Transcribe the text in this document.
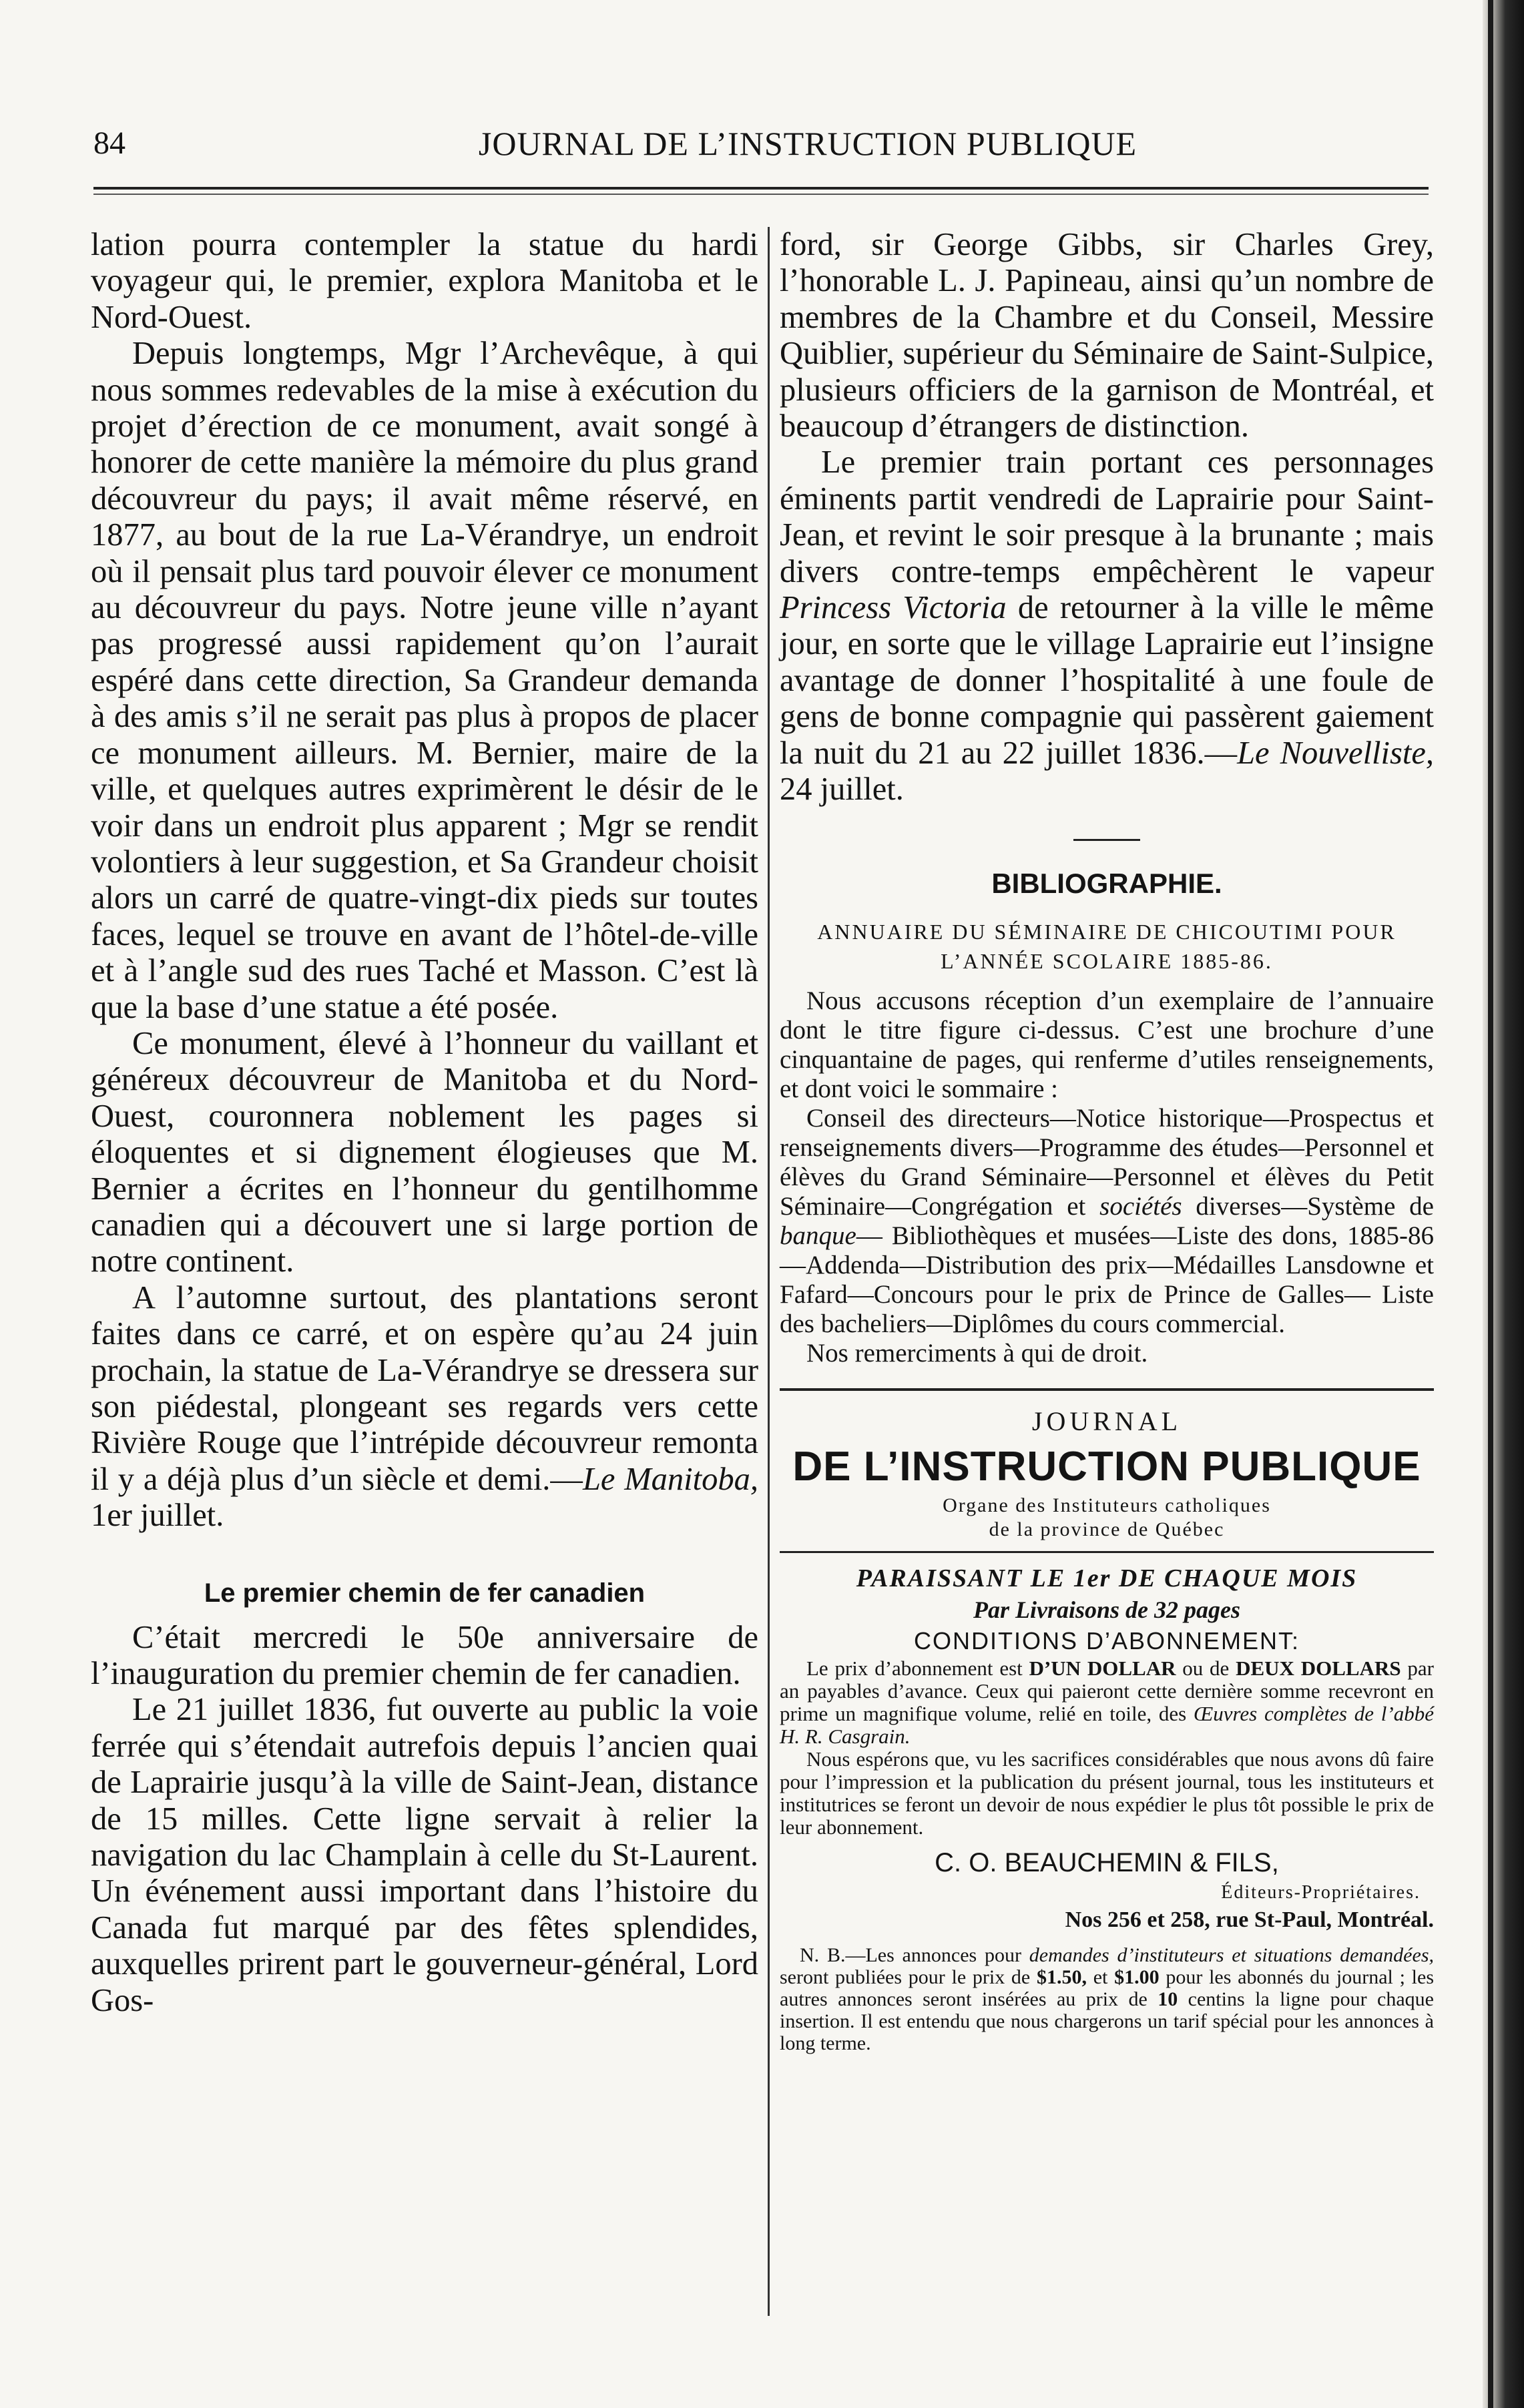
84	JOURNAL DE L’INSTRUCTION PUBLIQUE

lation pourra contempler la statue du hardi voyageur qui, le premier, explora Manitoba et le Nord-Ouest.

Depuis longtemps, Mgr l’Archevêque, à qui nous sommes redevables de la mise à exécution du projet d’érection de ce monument, avait songé à honorer de cette manière la mémoire du plus grand découvreur du pays; il avait même réservé, en 1877, au bout de la rue La-Vérandrye, un endroit où il pensait plus tard pouvoir élever ce monument au découvreur du pays. Notre jeune ville n’ayant pas progressé aussi rapidement qu’on l’aurait espéré dans cette direction, Sa Grandeur demanda à des amis s’il ne serait pas plus à propos de placer ce monument ailleurs. M. Bernier, maire de la ville, et quelques autres exprimèrent le désir de le voir dans un endroit plus apparent ; Mgr se rendit volontiers à leur suggestion, et Sa Grandeur choisit alors un carré de quatre-vingt-dix pieds sur toutes faces, lequel se trouve en avant de l’hôtel-de-ville et à l’angle sud des rues Taché et Masson. C’est là que la base d’une statue a été posée.

Ce monument, élevé à l’honneur du vaillant et généreux découvreur de Manitoba et du Nord-Ouest, couronnera noblement les pages si éloquentes et si dignement élogieuses que M. Bernier a écrites en l’honneur du gentilhomme canadien qui a découvert une si large portion de notre continent.

A l’automne surtout, des plantations seront faites dans ce carré, et on espère qu’au 24 juin prochain, la statue de La-Vérandrye se dressera sur son piédestal, plongeant ses regards vers cette Rivière Rouge que l’intrépide découvreur remonta il y a déjà plus d’un siècle et demi.—Le Manitoba, 1er juillet.

Le premier chemin de fer canadien

C’était mercredi le 50e anniversaire de l’inauguration du premier chemin de fer canadien.

Le 21 juillet 1836, fut ouverte au public la voie ferrée qui s’étendait autrefois depuis l’ancien quai de Laprairie jusqu’à la ville de Saint-Jean, distance de 15 milles. Cette ligne servait à relier la navigation du lac Champlain à celle du St-Laurent. Un événement aussi important dans l’histoire du Canada fut marqué par des fêtes splendides, auxquelles prirent part le gouverneur-général, Lord Gos-

ford, sir George Gibbs, sir Charles Grey, l’honorable L. J. Papineau, ainsi qu’un nombre de membres de la Chambre et du Conseil, Messire Quiblier, supérieur du Séminaire de Saint-Sulpice, plusieurs officiers de la garnison de Montréal, et beaucoup d’étrangers de distinction.

Le premier train portant ces personnages éminents partit vendredi de Laprairie pour Saint-Jean, et revint le soir presque à la brunante ; mais divers contre-temps empêchèrent le vapeur Princess Victoria de retourner à la ville le même jour, en sorte que le village Laprairie eut l’insigne avantage de donner l’hospitalité à une foule de gens de bonne compagnie qui passèrent gaiement la nuit du 21 au 22 juillet 1836.—Le Nouvelliste, 24 juillet.

BIBLIOGRAPHIE.

ANNUAIRE DU SÉMINAIRE DE CHICOUTIMI POUR L’ANNÉE SCOLAIRE 1885-86.

Nous accusons réception d’un exemplaire de l’annuaire dont le titre figure ci-dessus. C’est une brochure d’une cinquantaine de pages, qui renferme d’utiles renseignements, et dont voici le sommaire :

Conseil des directeurs—Notice historique—Prospectus et renseignements divers—Programme des études—Personnel et élèves du Grand Séminaire—Personnel et élèves du Petit Séminaire—Congrégation et sociétés diverses—Système de banque— Bibliothèques et musées—Liste des dons, 1885-86—Addenda—Distribution des prix—Médailles Lansdowne et Fafard—Concours pour le prix de Prince de Galles— Liste des bacheliers—Diplômes du cours commercial.

Nos remerciments à qui de droit.

JOURNAL

DE L’INSTRUCTION PUBLIQUE

Organe des Instituteurs catholiques

de la province de Québec

PARAISSANT LE 1er DE CHAQUE MOIS

Par Livraisons de 32 pages

CONDITIONS D’ABONNEMENT:

Le prix d’abonnement est D’UN DOLLAR ou de DEUX DOLLARS par an payables d’avance. Ceux qui paieront cette dernière somme recevront en prime un magnifique volume, relié en toile, des Œuvres complètes de l’abbé H. R. Casgrain.

Nous espérons que, vu les sacrifices considérables que nous avons dû faire pour l’impression et la publication du présent journal, tous les instituteurs et institutrices se feront un devoir de nous expédier le plus tôt possible le prix de leur abonnement.

C. O. BEAUCHEMIN & FILS,

Éditeurs-Propriétaires.

Nos 256 et 258, rue St-Paul, Montréal.

N. B.—Les annonces pour demandes d’instituteurs et situations demandées, seront publiées pour le prix de $1.50, et $1.00 pour les abonnés du journal ; les autres annonces seront insérées au prix de 10 centins la ligne pour chaque insertion. Il est entendu que nous chargerons un tarif spécial pour les annonces à long terme.
